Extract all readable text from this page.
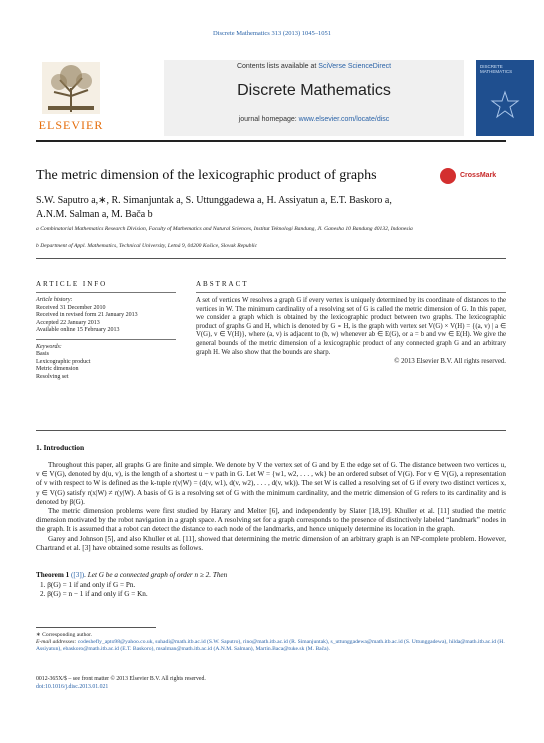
Discrete Mathematics 313 (2013) 1045–1051
ELSEVIER
Contents lists available at SciVerse ScienceDirect
Discrete Mathematics
journal homepage: www.elsevier.com/locate/disc
DISCRETE MATHEMATICS
The metric dimension of the lexicographic product of graphs	CrossMark
S.W. Saputro a,∗, R. Simanjuntak a, S. Uttunggadewa a, H. Assiyatun a, E.T. Baskoro a,
A.N.M. Salman a, M. Bača b
a Combinatorial Mathematics Research Division, Faculty of Mathematics and Natural Sciences, Institut Teknologi Bandung, Jl. Ganesha 10 Bandung 40132, Indonesia
b Department of Appl. Mathematics, Technical University, Letná 9, 04200 Košice, Slovak Republic
ARTICLE INFO
Article history:
Received 31 December 2010
Received in revised form 21 January 2013
Accepted 22 January 2013
Available online 15 February 2013
Keywords:
Basis
Lexicographic product
Metric dimension
Resolving set
ABSTRACT
A set of vertices W resolves a graph G if every vertex is uniquely determined by its coordinate of distances to the vertices in W. The minimum cardinality of a resolving set of G is called the metric dimension of G. In this paper, we consider a graph which is obtained by the lexicographic product between two graphs. The lexicographic product of graphs G and H, which is denoted by G ∘ H, is the graph with vertex set V(G) × V(H) = {(a, v) | a ∈ V(G), v ∈ V(H)}, where (a, v) is adjacent to (b, w) whenever ab ∈ E(G), or a = b and vw ∈ E(H). We give the general bounds of the metric dimension of a lexicographic product of any connected graph G and an arbitrary graph H. We also show that the bounds are sharp.
© 2013 Elsevier B.V. All rights reserved.
1. Introduction

Throughout this paper, all graphs G are finite and simple. We denote by V the vertex set of G and by E the edge set of G. The distance between two vertices u, v ∈ V(G), denoted by d(u, v), is the length of a shortest u − v path in G. Let W = {w1, w2, . . . , wk} be an ordered subset of V(G). For v ∈ V(G), a representation of v with respect to W is defined as the k-tuple r(v|W) = (d(v, w1), d(v, w2), . . . , d(v, wk)). The set W is called a resolving set of G if every two distinct vertices x, y ∈ V(G) satisfy r(x|W) ≠ r(y|W). A basis of G is a resolving set of G with the minimum cardinality, and the metric dimension of G refers to its cardinality and is denoted by β(G).

The metric dimension problems were first studied by Harary and Melter [6], and independently by Slater [18,19]. Khuller et al. [11] studied the metric dimension motivated by the robot navigation in a graph space. A resolving set for a graph corresponds to the presence of distinctively labeled “landmark” nodes in the graph. It is assumed that a robot can detect the distance to each node of the landmarks, and hence uniquely determine its location in the graph.

Garey and Johnson [5], and also Khuller et al. [11], showed that determining the metric dimension of an arbitrary graph is an NP-complete problem. However, Chartrand et al. [3] have obtained some results as follows.

Theorem 1 ([3]). Let G be a connected graph of order n ≥ 2. Then
1. β(G) = 1 if and only if G = Pn.
2. β(G) = n − 1 if and only if G = Kn.
∗ Corresponding author.
E-mail addresses: codeshefly_apto98@yahoo.co.uk, suhadi@math.itb.ac.id (S.W. Saputro), rino@math.itb.ac.id (R. Simanjuntak), s_uttunggadewa@math.itb.ac.id (S. Uttunggadewa), hilda@math.itb.ac.id (H. Assiyatun), ebaskoro@math.itb.ac.id (E.T. Baskoro), msalman@math.itb.ac.id (A.N.M. Salman), Martin.Baca@tuke.sk (M. Bača).
0012-365X/$ – see front matter © 2013 Elsevier B.V. All rights reserved.
doi:10.1016/j.disc.2013.01.021
